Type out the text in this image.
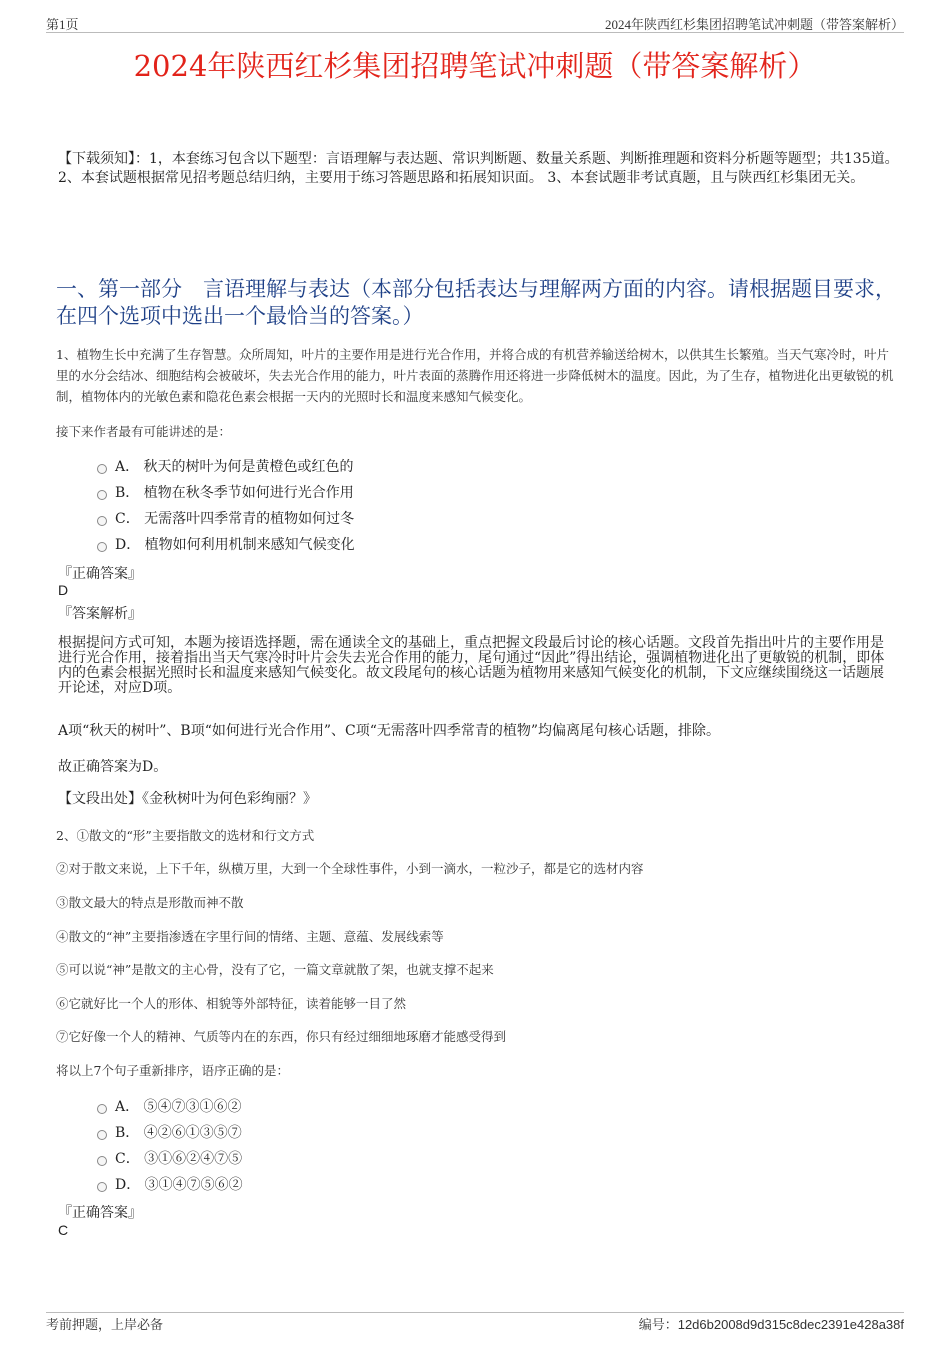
第1页	2024年陕西红杉集团招聘笔试冲刺题（带答案解析）
2024年陕西红杉集团招聘笔试冲刺题（带答案解析）
【下载须知】：1，本套练习包含以下题型：言语理解与表达题、常识判断题、数量关系题、判断推理题和资料分析题等题型；共135道。 2、本套试题根据常见招考题总结归纳，主要用于练习答题思路和拓展知识面。 3、本套试题非考试真题，且与陕西红杉集团无关。
一、第一部分　言语理解与表达（本部分包括表达与理解两方面的内容。请根据题目要求，在四个选项中选出一个最恰当的答案。）
1、植物生长中充满了生存智慧。众所周知，叶片的主要作用是进行光合作用，并将合成的有机营养输送给树木，以供其生长繁殖。当天气寒冷时，叶片里的水分会结冰、细胞结构会被破坏，失去光合作用的能力，叶片表面的蒸腾作用还将进一步降低树木的温度。因此，为了生存，植物进化出更敏锐的机制，植物体内的光敏色素和隐花色素会根据一天内的光照时长和温度来感知气候变化。
接下来作者最有可能讲述的是：
A． 秋天的树叶为何是黄橙色或红色的
B． 植物在秋冬季节如何进行光合作用
C． 无需落叶四季常青的植物如何过冬
D． 植物如何利用机制来感知气候变化
『正确答案』
D
『答案解析』
根据提问方式可知，本题为接语选择题，需在通读全文的基础上，重点把握文段最后讨论的核心话题。文段首先指出叶片的主要作用是进行光合作用，接着指出当天气寒冷时叶片会失去光合作用的能力，尾句通过“因此”得出结论，强调植物进化出了更敏锐的机制，即体内的色素会根据光照时长和温度来感知气候变化。故文段尾句的核心话题为植物用来感知气候变化的机制，下文应继续围绕这一话题展开论述，对应D项。
A项“秋天的树叶”、B项“如何进行光合作用”、C项“无需落叶四季常青的植物”均偏离尾句核心话题，排除。
故正确答案为D。
【文段出处】《金秋树叶为何色彩绚丽？》
2、①散文的“形”主要指散文的选材和行文方式
②对于散文来说，上下千年，纵横万里，大到一个全球性事件，小到一滴水，一粒沙子，都是它的选材内容
③散文最大的特点是形散而神不散
④散文的“神”主要指渗透在字里行间的情绪、主题、意蕴、发展线索等
⑤可以说“神”是散文的主心骨，没有了它，一篇文章就散了架，也就支撑不起来
⑥它就好比一个人的形体、相貌等外部特征，读着能够一目了然
⑦它好像一个人的精神、气质等内在的东西，你只有经过细细地琢磨才能感受得到
将以上7个句子重新排序，语序正确的是：
A． ⑤④⑦③①⑥②
B． ④②⑥①③⑤⑦
C． ③①⑥②④⑦⑤
D． ③①④⑦⑤⑥②
『正确答案』
C
考前押题，上岸必备	编号：12d6b2008d9d315c8dec2391e428a38f
